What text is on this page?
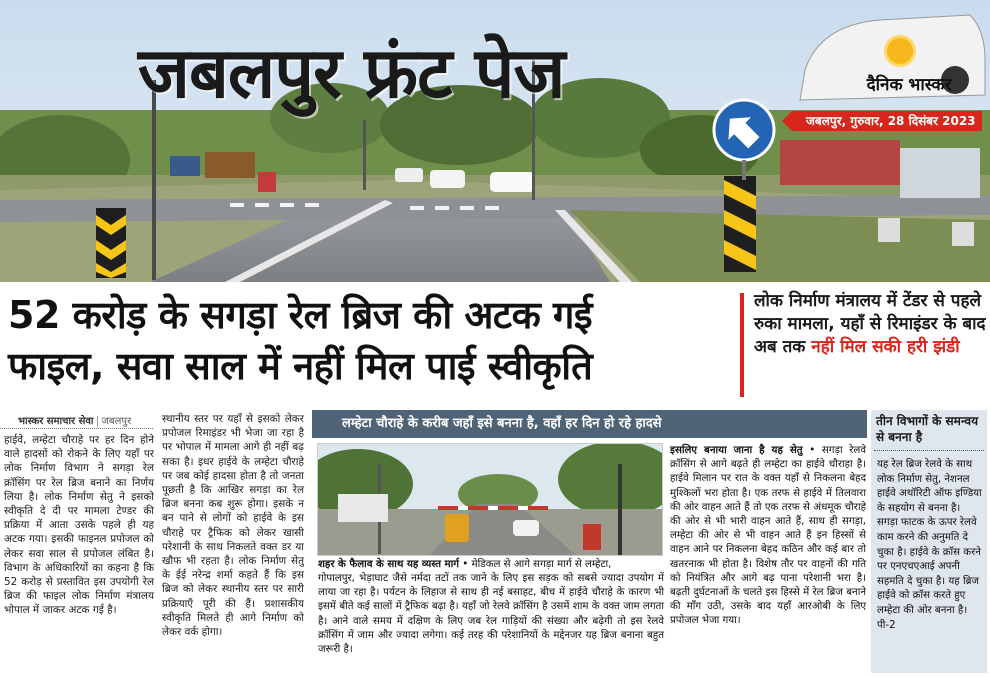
जबलपुर फ्रंट पेज	दैनिक भास्कर
जबलपुर, गुरुवार, 28 दिसंबर 2023
52 करोड़ के सगड़ा रेल ब्रिज की अटक गई
फाइल, सवा साल में नहीं मिल पाई स्वीकृति
लोक निर्माण मंत्रालय में टेंडर से पहले रुका मामला, यहाँ से रिमाइंडर के बाद अब तक नहीं मिल सकी हरी झंडी
भास्कर समाचार सेवा जबलपुर
हाईवे, लम्हेटा चौराहे पर हर दिन होने वाले हादसों को रोकने के लिए यहाँ पर लोक निर्माण विभाग ने सगड़ा रेल क्रॉसिंग पर रेल ब्रिज बनाने का निर्णय लिया है। लोक निर्माण सेतु ने इसको स्वीकृति दे दी पर मामला टेण्डर की प्रक्रिया में आता उसके पहले ही यह अटक गया। इसकी फाइनल प्रपोजल को लेकर सवा साल से प्रपोजल लंबित है। विभाग के अधिकारियों का कहना है कि 52 करोड़ से प्रस्तावित इस उपयोगी रेल ब्रिज की फाइल लोक निर्माण मंत्रालय भोपाल में जाकर अटक गई है।
स्थानीय स्तर पर यहाँ से इसको लेकर प्रपोजल रिमाइंडर भी भेजा जा रहा है पर भोपाल में मामला आगे ही नहीं बढ़ सका है। इधर हाईवे के लम्हेटा चौराहे पर जब कोई हादसा होता है तो जनता पूछती है कि आखिर सगड़ा का रेल ब्रिज बनना कब शुरू होगा। इसके न बन पाने से लोगों को हाईवे के इस चौराहे पर ट्रैफिक को लेकर खासी परेशानी के साथ निकलते वक्त डर या खौफ भी रहता है। लोक निर्माण सेतु के ईई नरेन्द्र शर्मा कहते हैं कि इस ब्रिज को लेकर स्थानीय स्तर पर सारी प्रक्रियाएँ पूरी की हैं। प्रशासकीय स्वीकृति मिलते ही आगे निर्माण को लेकर वर्क होगा।
लम्हेटा चौराहे के करीब जहाँ इसे बनना है, वहाँ हर दिन हो रहे हादसे
शहर के फैलाव के साथ यह व्यस्त मार्ग • मेडिकल से आगे सगड़ा मार्ग से लम्हेटा,
गोपालपुर, भेड़ाघाट जैसे नर्मदा तटों तक जाने के लिए इस सड़क को सबसे ज्यादा उपयोग में लाया जा रहा है। पर्यटन के लिहाज से साथ ही नई बसाहट, बीच में हाईवे चौराहे के कारण भी इसमें बीते कई सालों में ट्रैफिक बढ़ा है। यहाँ जो रेलवे क्रॉसिंग है उसमें शाम के वक्त जाम लगता है। आने वाले समय में दक्षिण के लिए जब रेल गाड़ियों की संख्या और बढ़ेगी तो इस रेलवे क्रॉसिंग में जाम और ज्यादा लगेगा। कई तरह की परेशानियों के मद्देनजर यह ब्रिज बनाना बहुत जरूरी है।
इसलिए बनाया जाना है यह सेतु • सगड़ा रेलवे क्रॉसिंग से आगे बढ़ते ही लम्हेटा का हाईवे चौराहा है। हाईवे मिलान पर रात के वक्त यहाँ से निकलना बेहद मुश्किलों भरा होता है। एक तरफ से हाईवे में तिलवारा की ओर वाहन आते हैं तो एक तरफ से अंधमूक चौराहे की ओर से भी भारी वाहन आते हैं, साथ ही सगड़ा, लम्हेटा की ओर से भी वाहन आते हैं इन हिस्सों से वाहन आने पर निकलना बेहद कठिन और कई बार तो खतरनाक भी होता है। विशेष तौर पर वाहनों की गति को नियंत्रित और आगे बढ़ पाना परेशानी भरा है। बढ़ती दुर्घटनाओं के चलते इस हिस्से में रेल ब्रिज बनाने की माँग उठी, उसके बाद यहाँ आरओबी के लिए प्रपोजल भेजा गया।
तीन विभागों के समन्वय से बनना है
यह रेल ब्रिज रेलवे के साथ लोक निर्माण सेतु, नेशनल हाईवे अथॉरिटी ऑफ इण्डिया के सहयोग से बनना है। सगड़ा फाटक के ऊपर रेलवे काम करने की अनुमति दे चुका है। हाईवे के क्रॉस करने पर एनएचएआई अपनी सहमति दे चुका है। यह ब्रिज हाईवे को क्रॉस करते हुए लम्हेटा की ओर बनना है।पी-2
